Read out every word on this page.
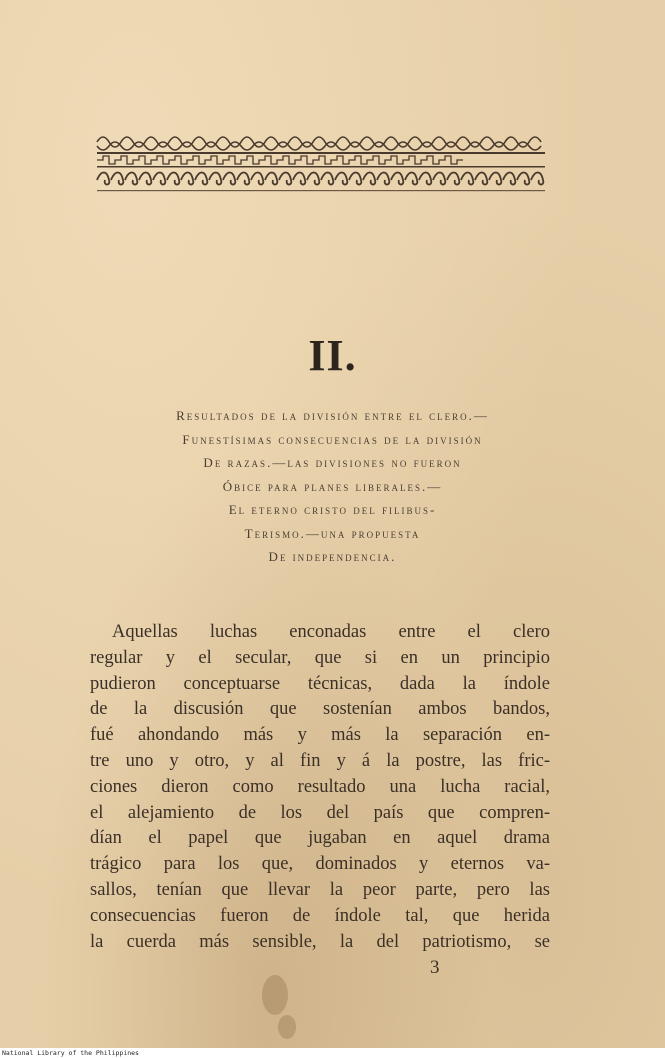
II.
Resultados de la división entre el clero.—
Funestísimas consecuencias de la división
De razas.—las divisiones no fueron
Óbice para planes liberales.—
El eterno cristo del filibus-
Terismo.—una propuesta
De independencia.
Aquellas luchas enconadas entre el clero
regular y el secular, que si en un principio
pudieron conceptuarse técnicas, dada la índole
de la discusión que sostenían ambos bandos,
fué ahondando más y más la separación en-
tre uno y otro, y al fin y á la postre, las fric-
ciones dieron como resultado una lucha racial,
el alejamiento de los del país que compren-
dían el papel que jugaban en aquel drama
trágico para los que, dominados y eternos va-
sallos, tenían que llevar la peor parte, pero las
consecuencias fueron de índole tal, que herida
la cuerda más sensible, la del patriotismo, se
3
National Library of the Philippines
